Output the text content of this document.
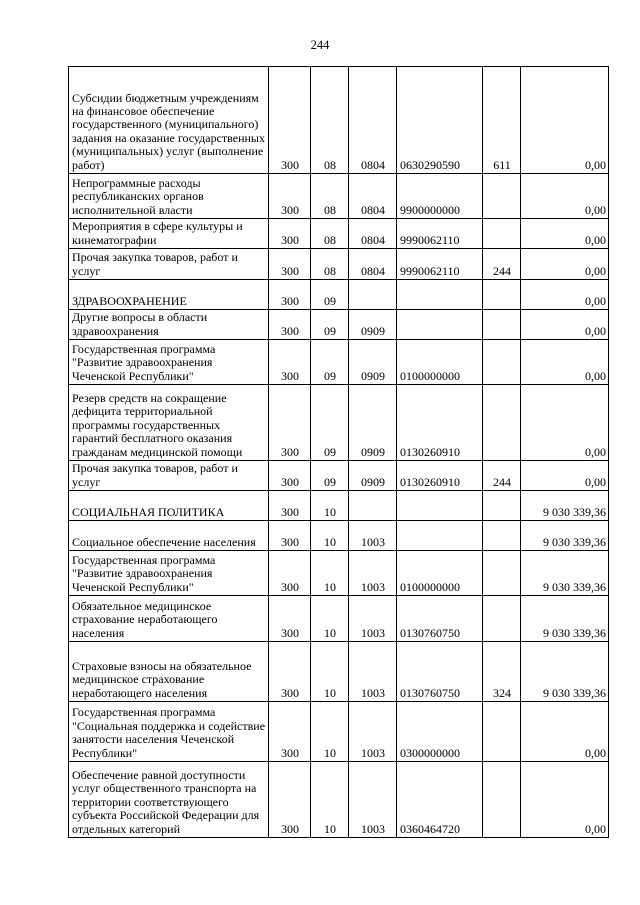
244
Субсидии бюджетным учреждениям на финансовое обеспечение государственного (муниципального) задания на оказание государственных (муниципальных) услуг (выполнение работ)	300	08	0804	0630290590	611	0,00
Непрограммные расходы республиканских органов исполнительной власти	300	08	0804	9900000000		0,00
Мероприятия в сфере культуры и кинематографии	300	08	0804	9990062110		0,00
Прочая закупка товаров, работ и услуг	300	08	0804	9990062110	244	0,00
ЗДРАВООХРАНЕНИЕ	300	09				0,00
Другие вопросы в области здравоохранения	300	09	0909			0,00
Государственная программа "Развитие здравоохранения Чеченской Республики"	300	09	0909	0100000000		0,00
Резерв средств на сокращение дефицита территориальной программы государственных гарантий бесплатного оказания гражданам медицинской помощи	300	09	0909	0130260910		0,00
Прочая закупка товаров, работ и услуг	300	09	0909	0130260910	244	0,00
СОЦИАЛЬНАЯ ПОЛИТИКА	300	10				9 030 339,36
Социальное обеспечение населения	300	10	1003			9 030 339,36
Государственная программа "Развитие здравоохранения Чеченской Республики"	300	10	1003	0100000000		9 030 339,36
Обязательное медицинское страхование неработающего населения	300	10	1003	0130760750		9 030 339,36
Страховые взносы на обязательное медицинское страхование неработающего населения	300	10	1003	0130760750	324	9 030 339,36
Государственная программа "Социальная поддержка и содействие занятости населения Чеченской Республики"	300	10	1003	0300000000		0,00
Обеспечение равной доступности услуг общественного транспорта на территории соответствующего субъекта Российской Федерации для отдельных категорий	300	10	1003	0360464720		0,00
